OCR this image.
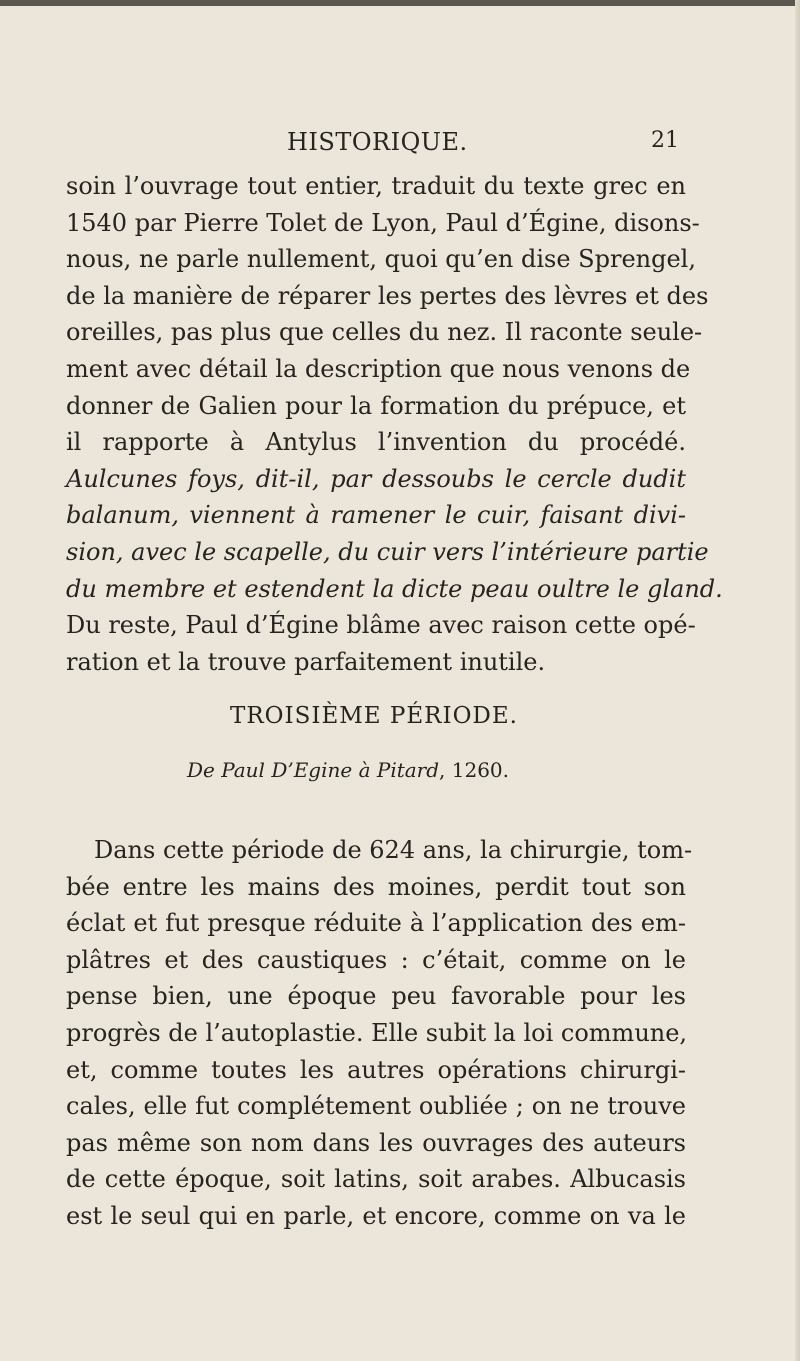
HISTORIQUE.	21
soin l’ouvrage tout entier, traduit du texte grec en
1540 par Pierre Tolet de Lyon, Paul d’Égine, disons-
nous, ne parle nullement, quoi qu’en dise Sprengel,
de la manière de réparer les pertes des lèvres et des
oreilles, pas plus que celles du nez. Il raconte seule-
ment avec détail la description que nous venons de
donner de Galien pour la formation du prépuce, et
il rapporte à Antylus l’invention du procédé.
Aulcunes foys, dit-il, par dessoubs le cercle dudit
balanum, viennent à ramener le cuir, faisant divi-
sion, avec le scapelle, du cuir vers l’intérieure partie
du membre et estendent la dicte peau oultre le gland.
Du reste, Paul d’Égine blâme avec raison cette opé-
ration et la trouve parfaitement inutile.
TROISIÈME PÉRIODE.
De Paul D’Egine à Pitard, 1260.
Dans cette période de 624 ans, la chirurgie, tom-
bée entre les mains des moines, perdit tout son
éclat et fut presque réduite à l’application des em-
plâtres et des caustiques : c’était, comme on le
pense bien, une époque peu favorable pour les
progrès de l’autoplastie. Elle subit la loi commune,
et, comme toutes les autres opérations chirurgi-
cales, elle fut complétement oubliée ; on ne trouve
pas même son nom dans les ouvrages des auteurs
de cette époque, soit latins, soit arabes. Albucasis
est le seul qui en parle, et encore, comme on va le
